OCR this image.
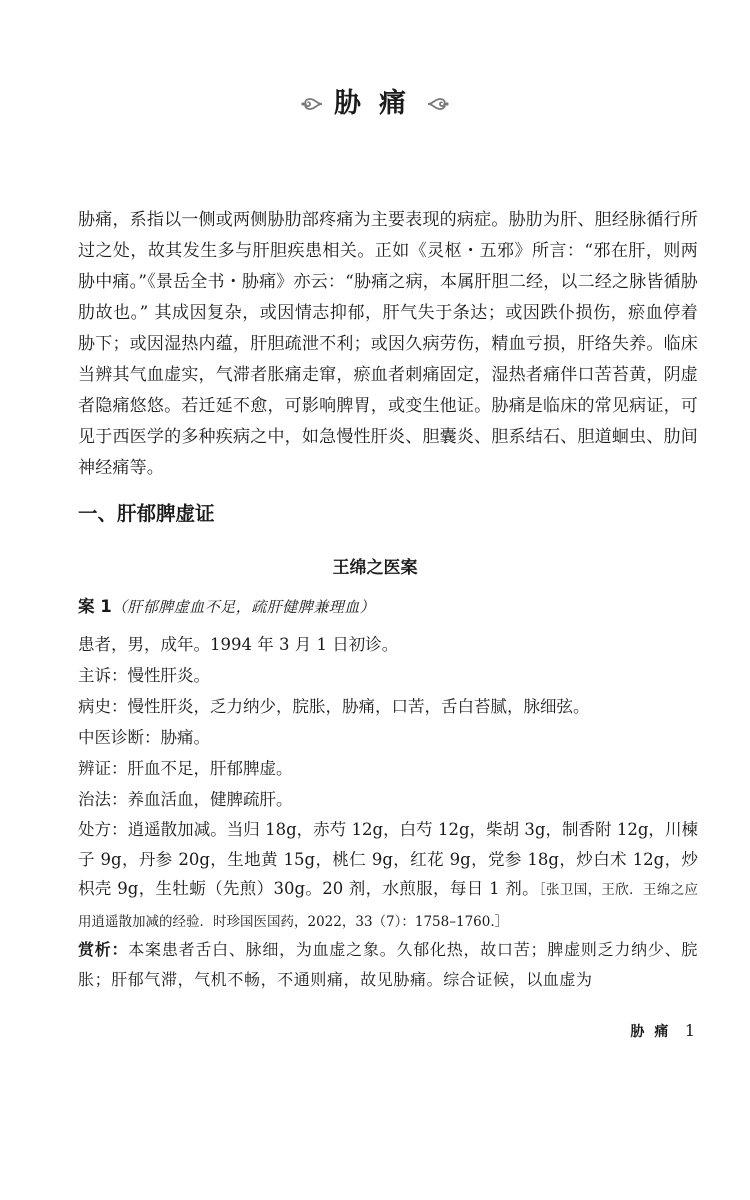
胁痛

胁痛，系指以一侧或两侧胁肋部疼痛为主要表现的病症。胁肋为肝、胆经脉循行所过之处，故其发生多与肝胆疾患相关。正如《灵枢・五邪》所言：“邪在肝，则两胁中痛。”《景岳全书・胁痛》亦云：“胁痛之病，本属肝胆二经，以二经之脉皆循胁肋故也。” 其成因复杂，或因情志抑郁，肝气失于条达；或因跌仆损伤，瘀血停着胁下；或因湿热内蕴，肝胆疏泄不利；或因久病劳伤，精血亏损，肝络失养。临床当辨其气血虚实，气滞者胀痛走窜，瘀血者刺痛固定，湿热者痛伴口苦苔黄，阴虚者隐痛悠悠。若迁延不愈，可影响脾胃，或变生他证。胁痛是临床的常见病证，可见于西医学的多种疾病之中，如急慢性肝炎、胆囊炎、胆系结石、胆道蛔虫、肋间神经痛等。

一、肝郁脾虚证
王绵之医案
案 1（肝郁脾虚血不足，疏肝健脾兼理血）
患者，男，成年。1994 年 3 月 1 日初诊。
主诉：慢性肝炎。
病史：慢性肝炎，乏力纳少，脘胀，胁痛，口苦，舌白苔腻，脉细弦。
中医诊断：胁痛。
辨证：肝血不足，肝郁脾虚。
治法：养血活血，健脾疏肝。

处方：逍遥散加减。当归 18g，赤芍 12g，白芍 12g，柴胡 3g，制香附 12g，川楝子 9g，丹参 20g，生地黄 15g，桃仁 9g，红花 9g，党参 18g，炒白术 12g，炒枳壳 9g，生牡蛎（先煎）30g。20 剂，水煎服，每日 1 剂。［张卫国，王欣．王绵之应用逍遥散加减的经验．时珍国医国药，2022，33（7）：1758–1760.］

赏析：本案患者舌白、脉细，为血虚之象。久郁化热，故口苦；脾虚则乏力纳少、脘胀；肝郁气滞，气机不畅，不通则痛，故见胁痛。综合证候，以血虚为

胁痛 1
